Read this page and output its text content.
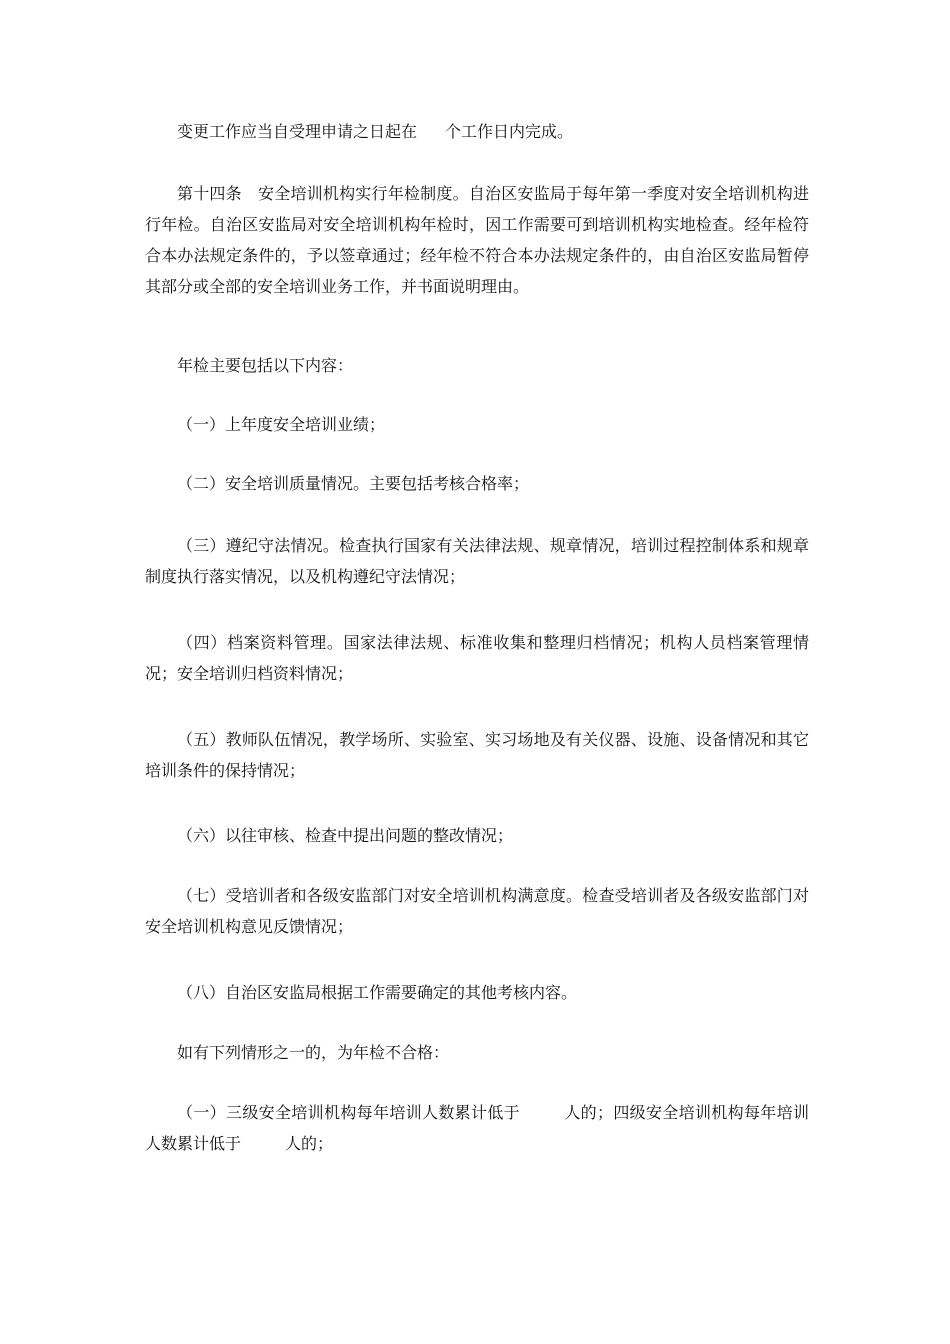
变更工作应当自受理申请之日起在 个工作日内完成。

第十四条　安全培训机构实行年检制度。自治区安监局于每年第一季度对安全培训机构进行年检。自治区安监局对安全培训机构年检时，因工作需要可到培训机构实地检查。经年检符合本办法规定条件的，予以签章通过；经年检不符合本办法规定条件的，由自治区安监局暂停其部分或全部的安全培训业务工作，并书面说明理由。

年检主要包括以下内容：

（一）上年度安全培训业绩；

（二）安全培训质量情况。主要包括考核合格率；

（三）遵纪守法情况。检查执行国家有关法律法规、规章情况，培训过程控制体系和规章制度执行落实情况，以及机构遵纪守法情况；

（四）档案资料管理。国家法律法规、标准收集和整理归档情况；机构人员档案管理情况；安全培训归档资料情况；

（五）教师队伍情况，教学场所、实验室、实习场地及有关仪器、设施、设备情况和其它培训条件的保持情况；

（六）以往审核、检查中提出问题的整改情况；

（七）受培训者和各级安监部门对安全培训机构满意度。检查受培训者及各级安监部门对安全培训机构意见反馈情况；

（八）自治区安监局根据工作需要确定的其他考核内容。

如有下列情形之一的，为年检不合格：

（一）三级安全培训机构每年培训人数累计低于	人的；四级安全培训机构每年培训人数累计低于	人的；
